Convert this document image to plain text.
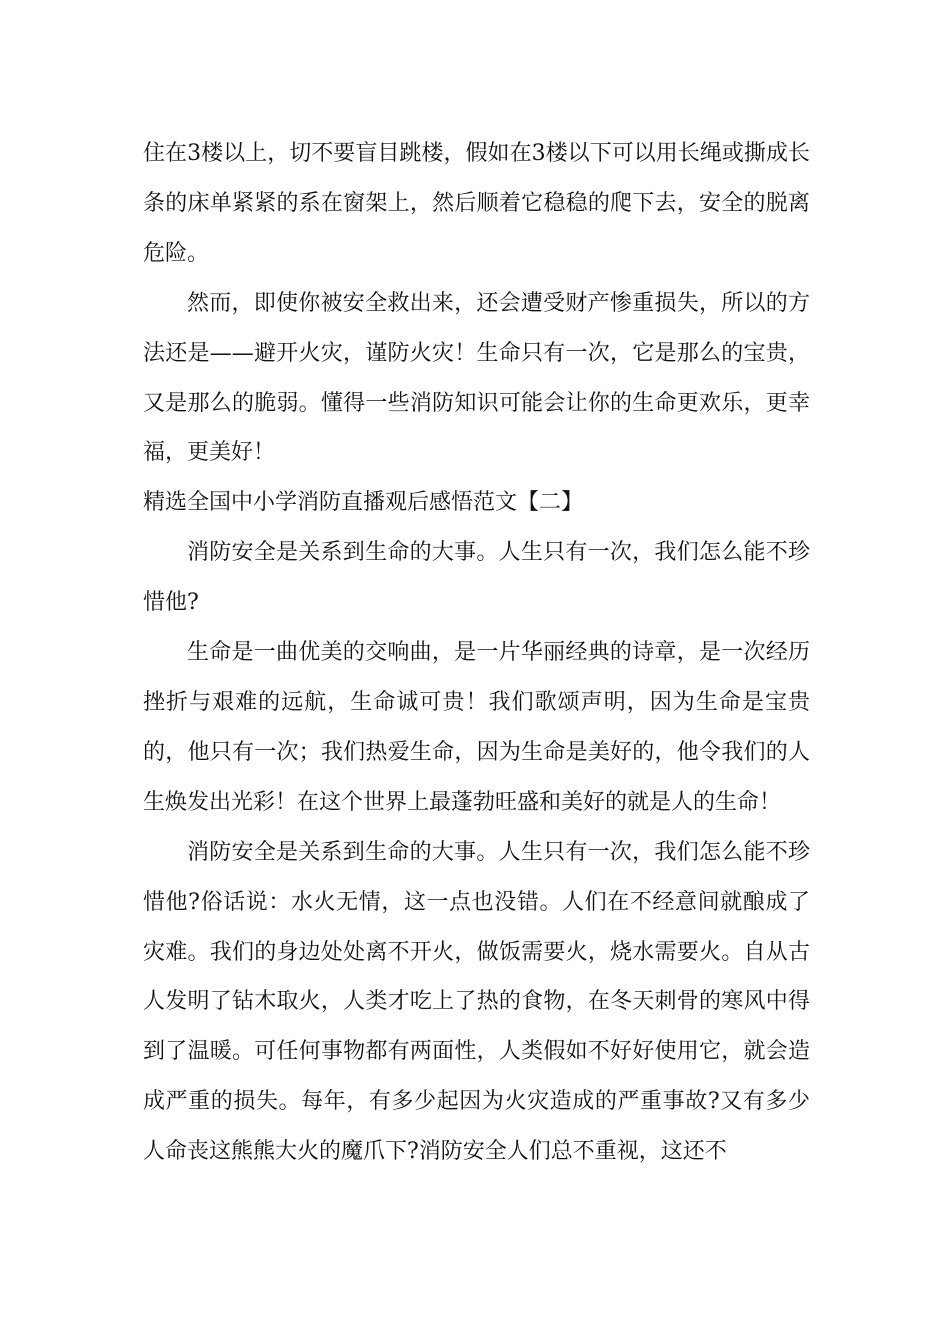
住在3楼以上，切不要盲目跳楼，假如在3楼以下可以用长绳或撕成长条的床单紧紧的系在窗架上，然后顺着它稳稳的爬下去，安全的脱离危险。

然而，即使你被安全救出来，还会遭受财产惨重损失，所以的方法还是——避开火灾，谨防火灾！生命只有一次，它是那么的宝贵，又是那么的脆弱。懂得一些消防知识可能会让你的生命更欢乐，更幸福，更美好！

精选全国中小学消防直播观后感悟范文【二】

消防安全是关系到生命的大事。人生只有一次，我们怎么能不珍惜他?

生命是一曲优美的交响曲，是一片华丽经典的诗章，是一次经历挫折与艰难的远航，生命诚可贵！我们歌颂声明，因为生命是宝贵的，他只有一次；我们热爱生命，因为生命是美好的，他令我们的人生焕发出光彩！在这个世界上最蓬勃旺盛和美好的就是人的生命！

消防安全是关系到生命的大事。人生只有一次，我们怎么能不珍惜他?俗话说：水火无情，这一点也没错。人们在不经意间就酿成了灾难。我们的身边处处离不开火，做饭需要火，烧水需要火。自从古人发明了钻木取火，人类才吃上了热的食物，在冬天刺骨的寒风中得到了温暖。可任何事物都有两面性，人类假如不好好使用它，就会造成严重的损失。每年，有多少起因为火灾造成的严重事故?又有多少人命丧这熊熊大火的魔爪下?消防安全人们总不重视，这还不
